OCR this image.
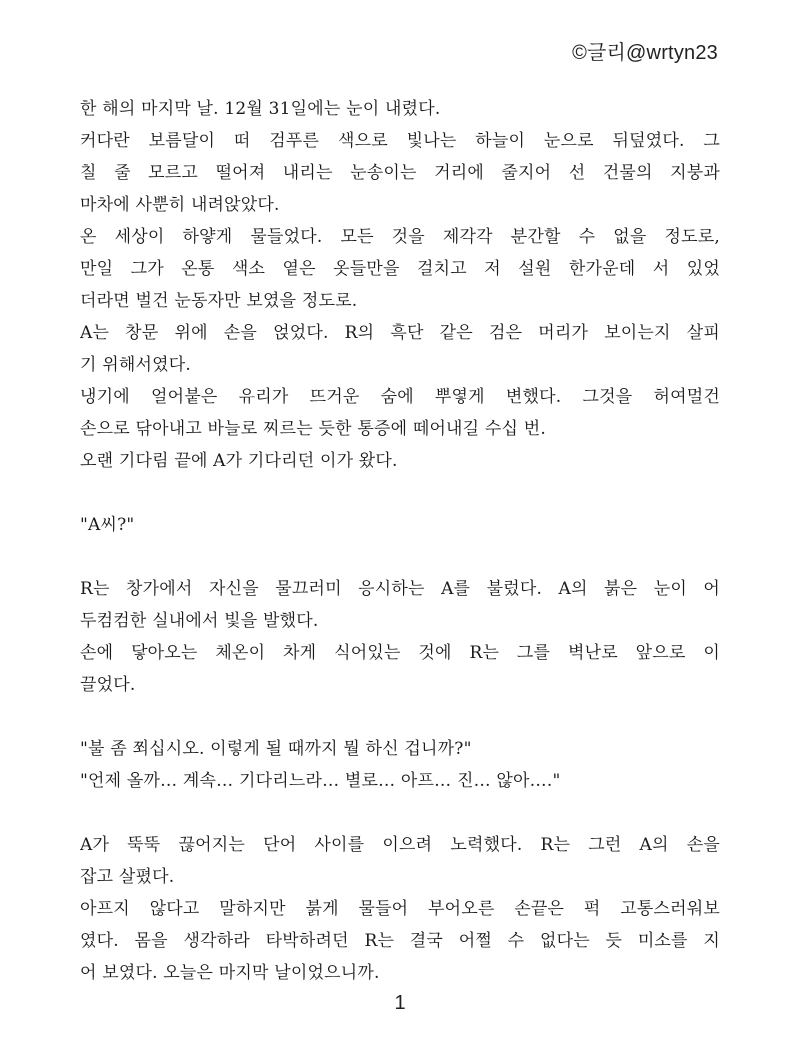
©글리@wrtyn23
한 해의 마지막 날. 12월 31일에는 눈이 내렸다.
커다란 보름달이 떠 검푸른 색으로 빛나는 하늘이 눈으로 뒤덮였다. 그
칠 줄 모르고 떨어져 내리는 눈송이는 거리에 줄지어 선 건물의 지붕과
마차에 사뿐히 내려앉았다.
온 세상이 하얗게 물들었다. 모든 것을 제각각 분간할 수 없을 정도로,
만일 그가 온통 색소 옅은 옷들만을 걸치고 저 설원 한가운데 서 있었
더라면 벌건 눈동자만 보였을 정도로.
A는 창문 위에 손을 얹었다. R의 흑단 같은 검은 머리가 보이는지 살피
기 위해서였다.
냉기에 얼어붙은 유리가 뜨거운 숨에 뿌옇게 변했다. 그것을 허여멀건
손으로 닦아내고 바늘로 찌르는 듯한 통증에 떼어내길 수십 번.
오랜 기다림 끝에 A가 기다리던 이가 왔다.
"A씨?"
R는 창가에서 자신을 물끄러미 응시하는 A를 불렀다. A의 붉은 눈이 어
두컴컴한 실내에서 빛을 발했다.
손에 닿아오는 체온이 차게 식어있는 것에 R는 그를 벽난로 앞으로 이
끌었다.
"불 좀 쬐십시오. 이렇게 될 때까지 뭘 하신 겁니까?"
"언제 올까… 계속… 기다리느라… 별로… 아프… 진… 않아…."
A가 뚝뚝 끊어지는 단어 사이를 이으려 노력했다. R는 그런 A의 손을
잡고 살폈다.
아프지 않다고 말하지만 붉게 물들어 부어오른 손끝은 퍽 고통스러워보
였다. 몸을 생각하라 타박하려던 R는 결국 어쩔 수 없다는 듯 미소를 지
어 보였다. 오늘은 마지막 날이었으니까.
1
